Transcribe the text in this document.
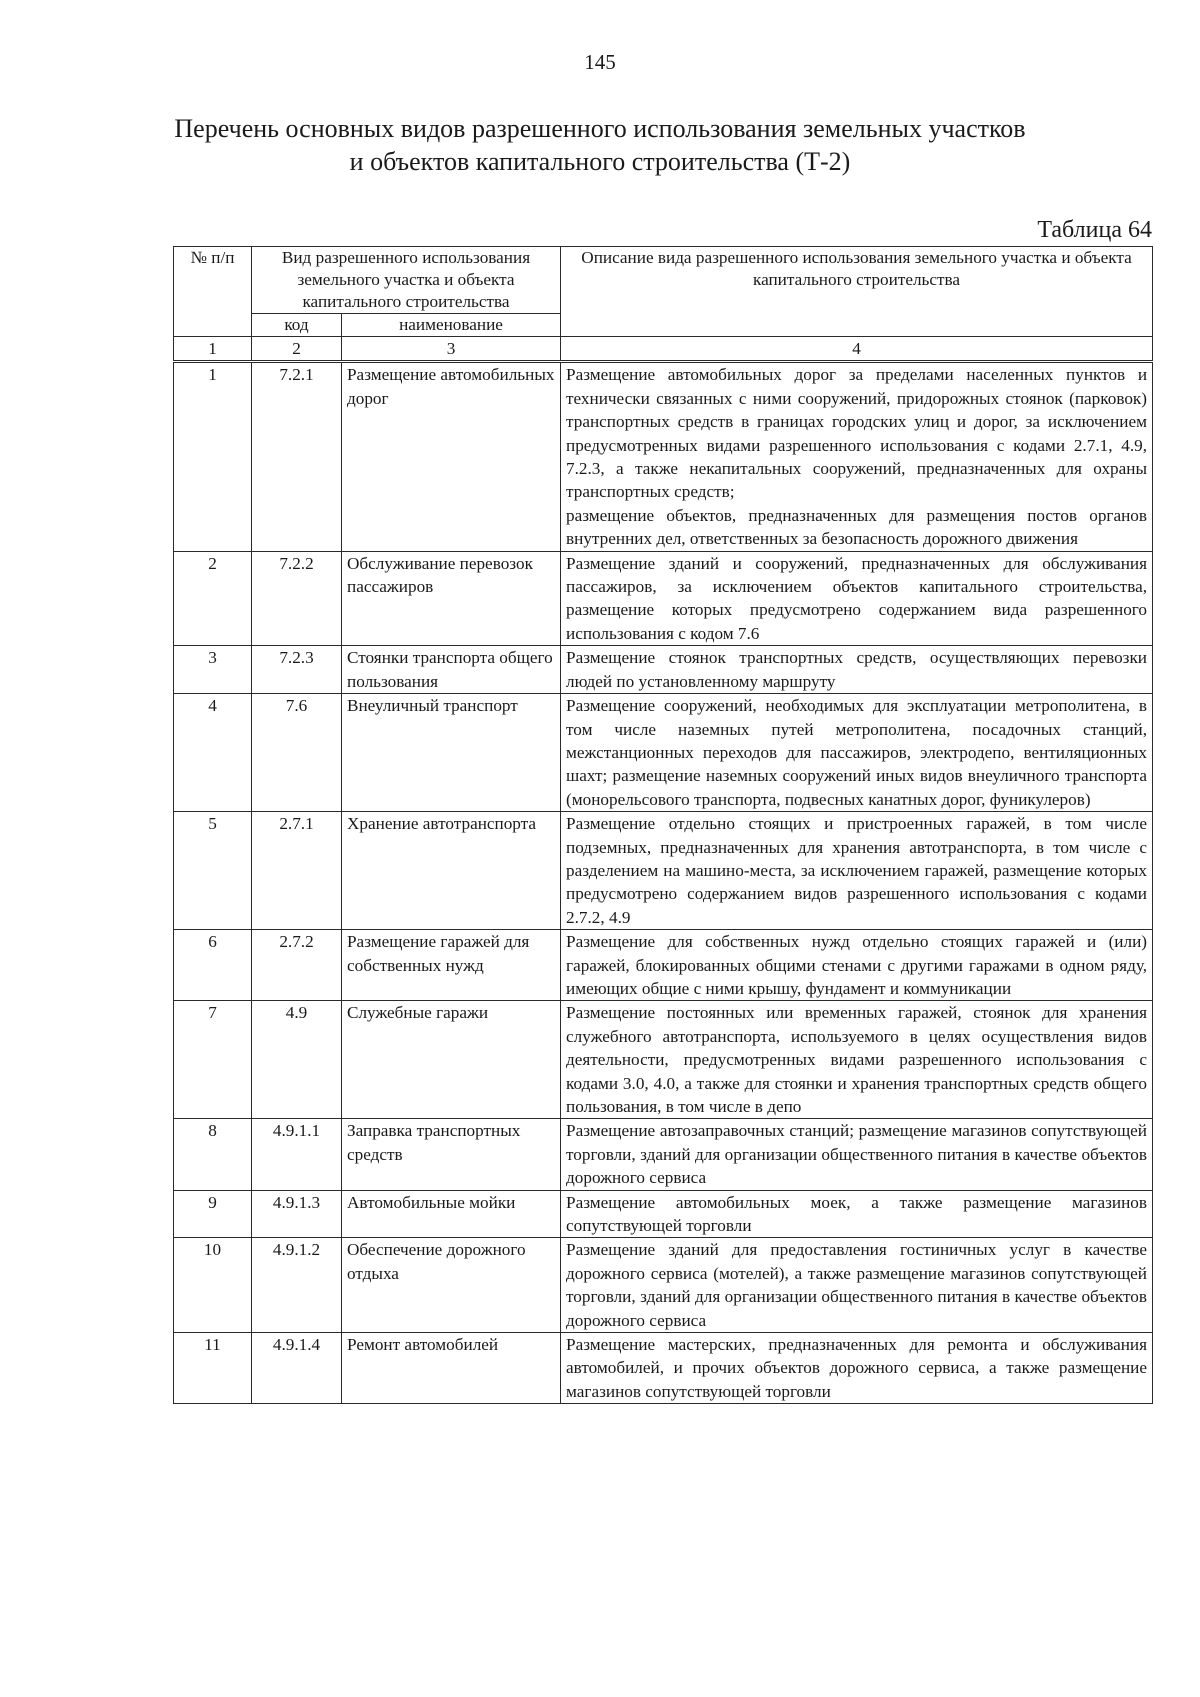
145
Перечень основных видов разрешенного использования земельных участков
и объектов капитального строительства (Т-2)
Таблица 64
№ п/п	Вид разрешенного использования земельного участка и объекта капитального строительства		Описание вида разрешенного использования земельного участка и объекта капитального строительства
	код	наименование	
1	2	3	4
1	7.2.1	Размещение автомобильных дорог	Размещение автомобильных дорог за пределами населенных пунктов и технически связанных с ними сооружений, придорожных стоянок (парковок) транспортных средств в границах городских улиц и дорог, за исключением предусмотренных видами разрешенного использования с кодами 2.7.1, 4.9, 7.2.3, а также некапитальных сооружений, предназначенных для охраны транспортных средств;
размещение объектов, предназначенных для размещения постов органов внутренних дел, ответственных за безопасность дорожного движения

2	7.2.2	Обслуживание перевозок пассажиров	Размещение зданий и сооружений, предназначенных для обслуживания пассажиров, за исключением объектов капитального строительства, размещение которых предусмотрено содержанием вида разрешенного использования с кодом 7.6

3	7.2.3	Стоянки транспорта общего пользования	Размещение стоянок транспортных средств, осуществляющих перевозки людей по установленному маршруту

4	7.6	Внеуличный транспорт	Размещение сооружений, необходимых для эксплуатации метрополитена, в том числе наземных путей метрополитена, посадочных станций, межстанционных переходов для пассажиров, электродепо, вентиляционных шахт; размещение наземных сооружений иных видов внеуличного транспорта (монорельсового транспорта, подвесных канатных дорог, фуникулеров)

5	2.7.1	Хранение автотранспорта	Размещение отдельно стоящих и пристроенных гаражей, в том числе подземных, предназначенных для хранения автотранспорта, в том числе с разделением на машино-места, за исключением гаражей, размещение которых предусмотрено содержанием видов разрешенного использования с кодами 2.7.2, 4.9

6	2.7.2	Размещение гаражей для собственных нужд	Размещение для собственных нужд отдельно стоящих гаражей и (или) гаражей, блокированных общими стенами с другими гаражами в одном ряду, имеющих общие с ними крышу, фундамент и коммуникации

7	4.9	Служебные гаражи	Размещение постоянных или временных гаражей, стоянок для хранения служебного автотранспорта, используемого в целях осуществления видов деятельности, предусмотренных видами разрешенного использования с кодами 3.0, 4.0, а также для стоянки и хранения транспортных средств общего пользования, в том числе в депо

8	4.9.1.1	Заправка транспортных средств	Размещение автозаправочных станций; размещение магазинов сопутствующей торговли, зданий для организации общественного питания в качестве объектов дорожного сервиса

9	4.9.1.3	Автомобильные мойки	Размещение автомобильных моек, а также размещение магазинов сопутствующей торговли

10	4.9.1.2	Обеспечение дорожного отдыха	Размещение зданий для предоставления гостиничных услуг в качестве дорожного сервиса (мотелей), а также размещение магазинов сопутствующей торговли, зданий для организации общественного питания в качестве объектов дорожного сервиса

11	4.9.1.4	Ремонт автомобилей	Размещение мастерских, предназначенных для ремонта и обслуживания автомобилей, и прочих объектов дорожного сервиса, а также размещение магазинов сопутствующей торговли
